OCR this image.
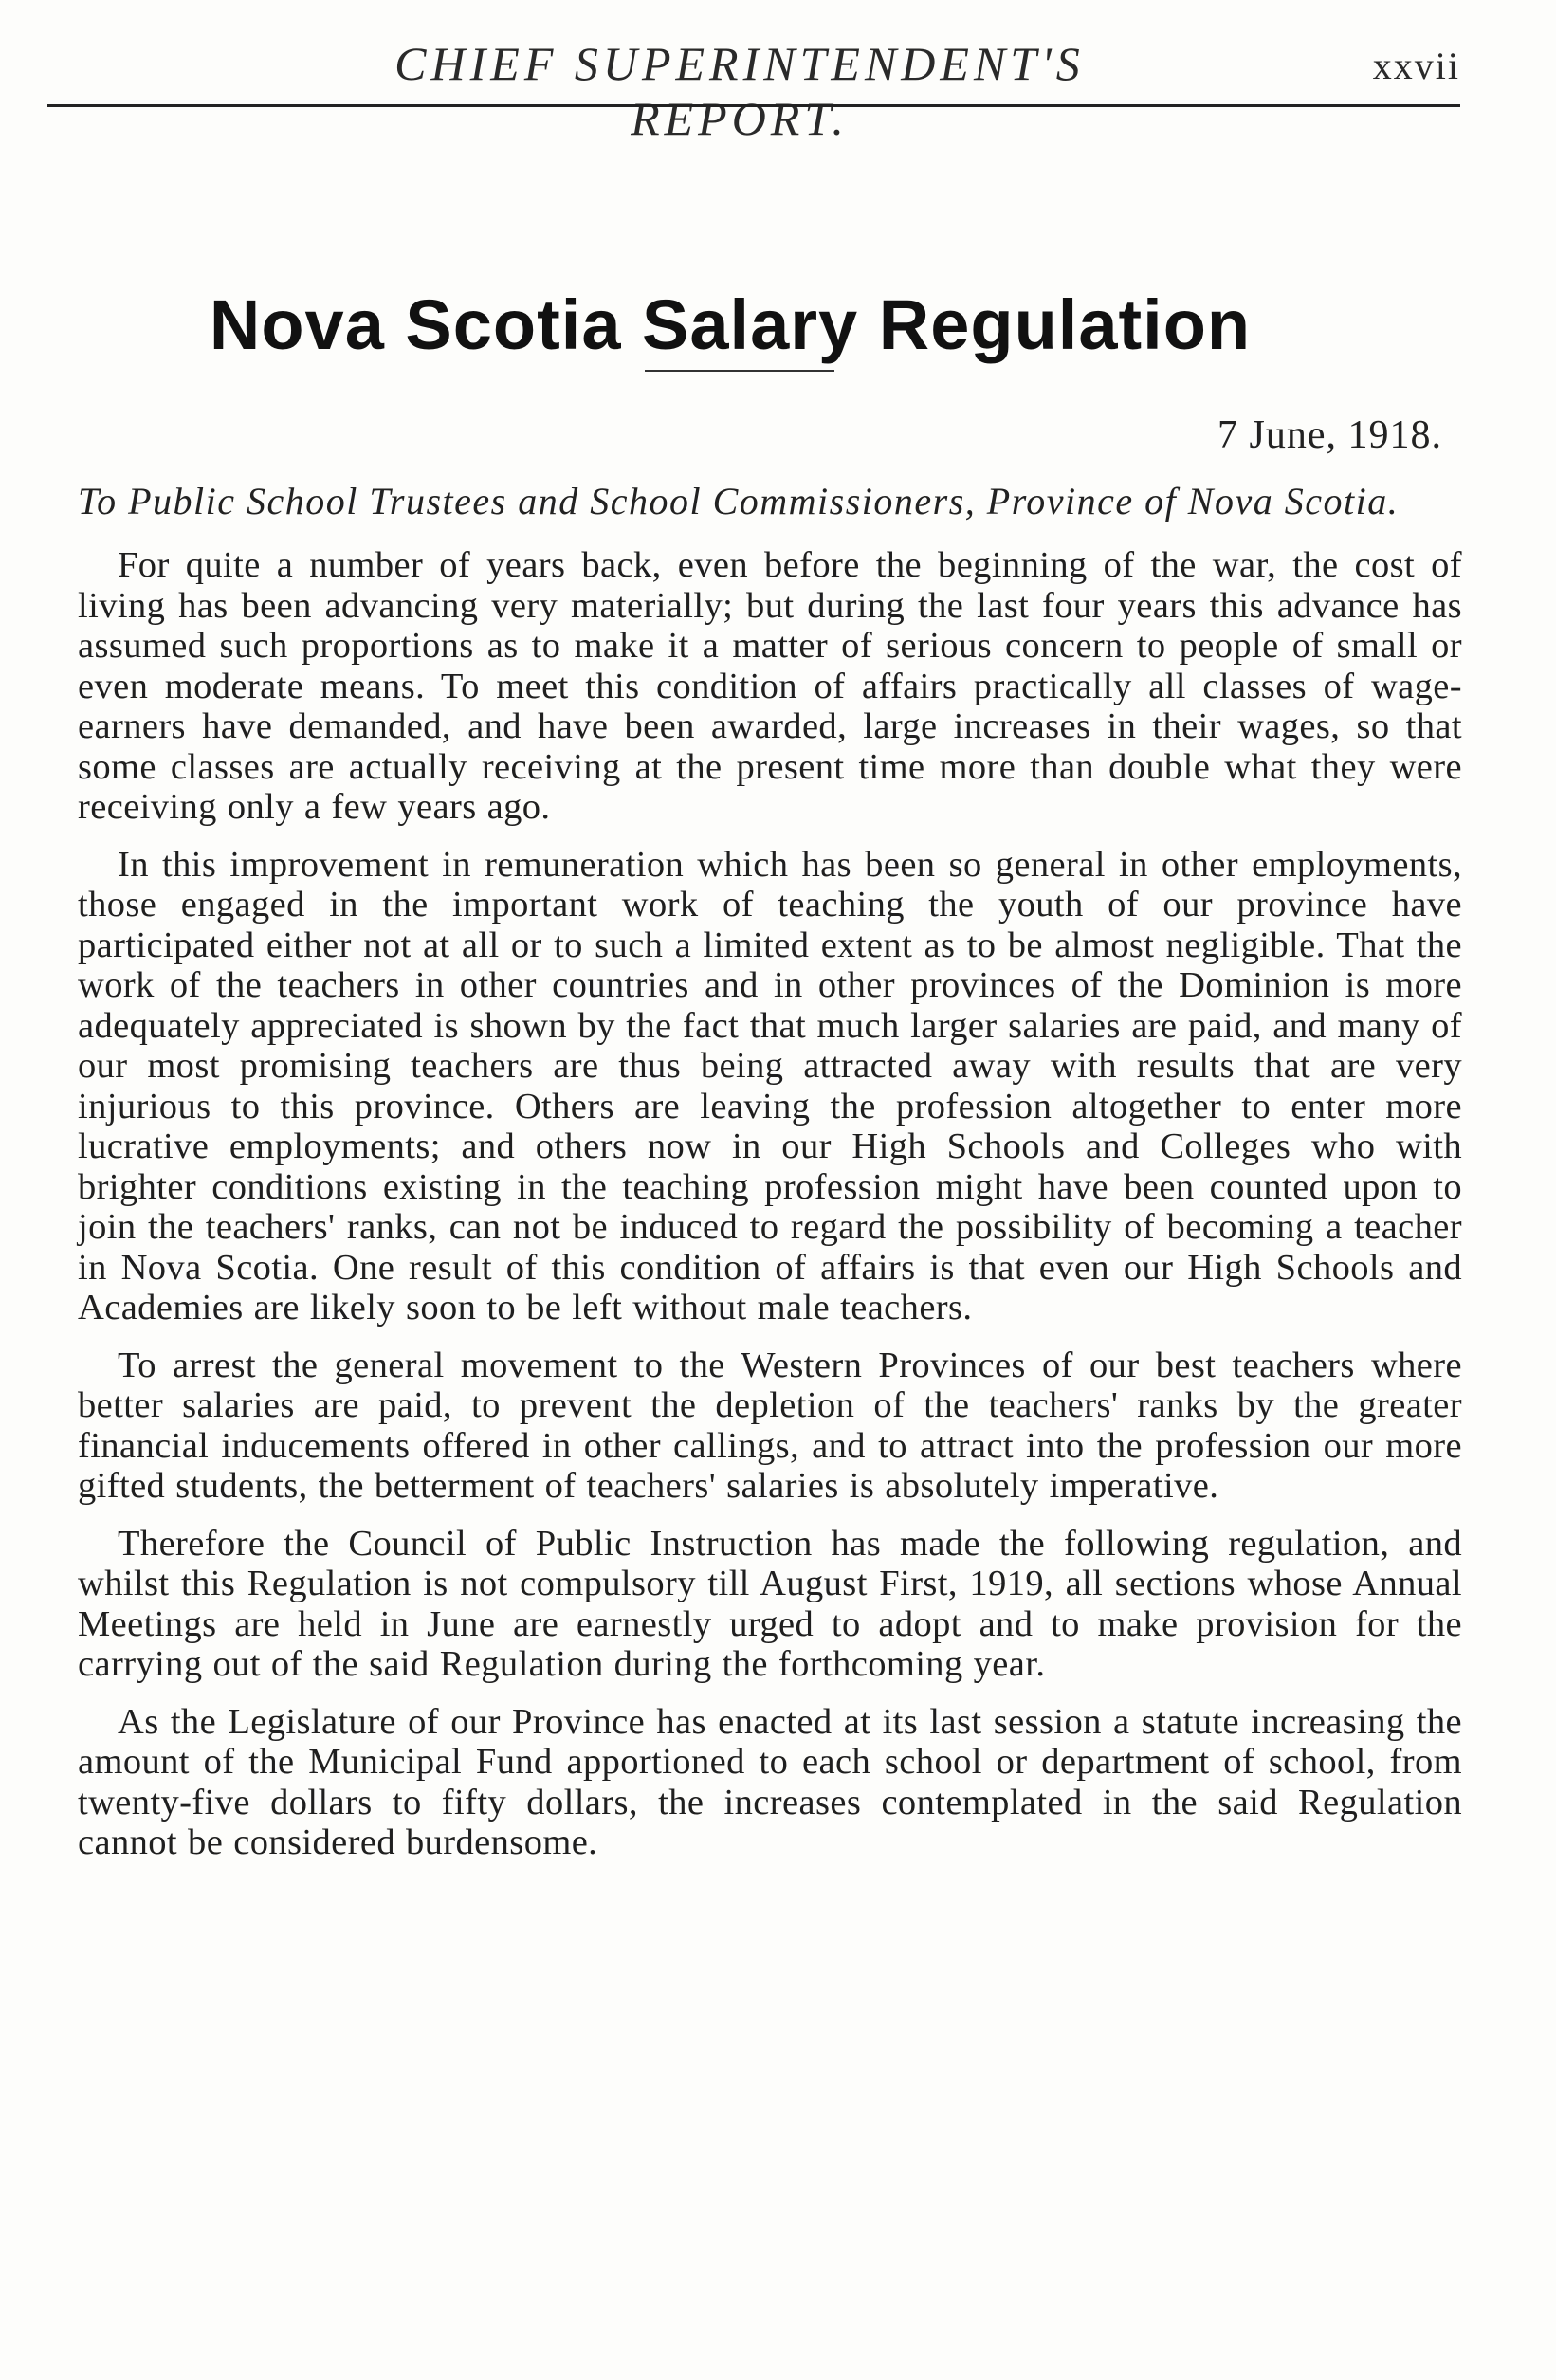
CHIEF SUPERINTENDENT'S REPORT.
xxvii
Nova Scotia Salary Regulation
7 June, 1918.
To Public School Trustees and School Commissioners, Province of Nova Scotia.

For quite a number of years back, even before the beginning of the war, the cost of living has been advancing very materially; but during the last four years this advance has assumed such proportions as to make it a matter of serious concern to people of small or even moderate means. To meet this condition of affairs practically all classes of wage-earners have demanded, and have been awarded, large increases in their wages, so that some classes are actually receiving at the present time more than double what they were receiving only a few years ago.

In this improvement in remuneration which has been so general in other employments, those engaged in the important work of teaching the youth of our province have participated either not at all or to such a limited extent as to be almost negligible. That the work of the teachers in other countries and in other provinces of the Dominion is more adequately appreciated is shown by the fact that much larger salaries are paid, and many of our most promising teachers are thus being attracted away with results that are very injurious to this province. Others are leaving the profession altogether to enter more lucrative employments; and others now in our High Schools and Colleges who with brighter conditions existing in the teaching profession might have been counted upon to join the teachers' ranks, can not be induced to regard the possibility of becoming a teacher in Nova Scotia. One result of this condition of affairs is that even our High Schools and Academies are likely soon to be left without male teachers.

To arrest the general movement to the Western Provinces of our best teachers where better salaries are paid, to prevent the depletion of the teachers' ranks by the greater financial inducements offered in other callings, and to attract into the profession our more gifted students, the betterment of teachers' salaries is absolutely imperative.

Therefore the Council of Public Instruction has made the following regulation, and whilst this Regulation is not compulsory till August First, 1919, all sections whose Annual Meetings are held in June are earnestly urged to adopt and to make provision for the carrying out of the said Regulation during the forthcoming year.

As the Legislature of our Province has enacted at its last session a statute increasing the amount of the Municipal Fund apportioned to each school or department of school, from twenty-five dollars to fifty dollars, the increases contemplated in the said Regulation cannot be considered burdensome.
